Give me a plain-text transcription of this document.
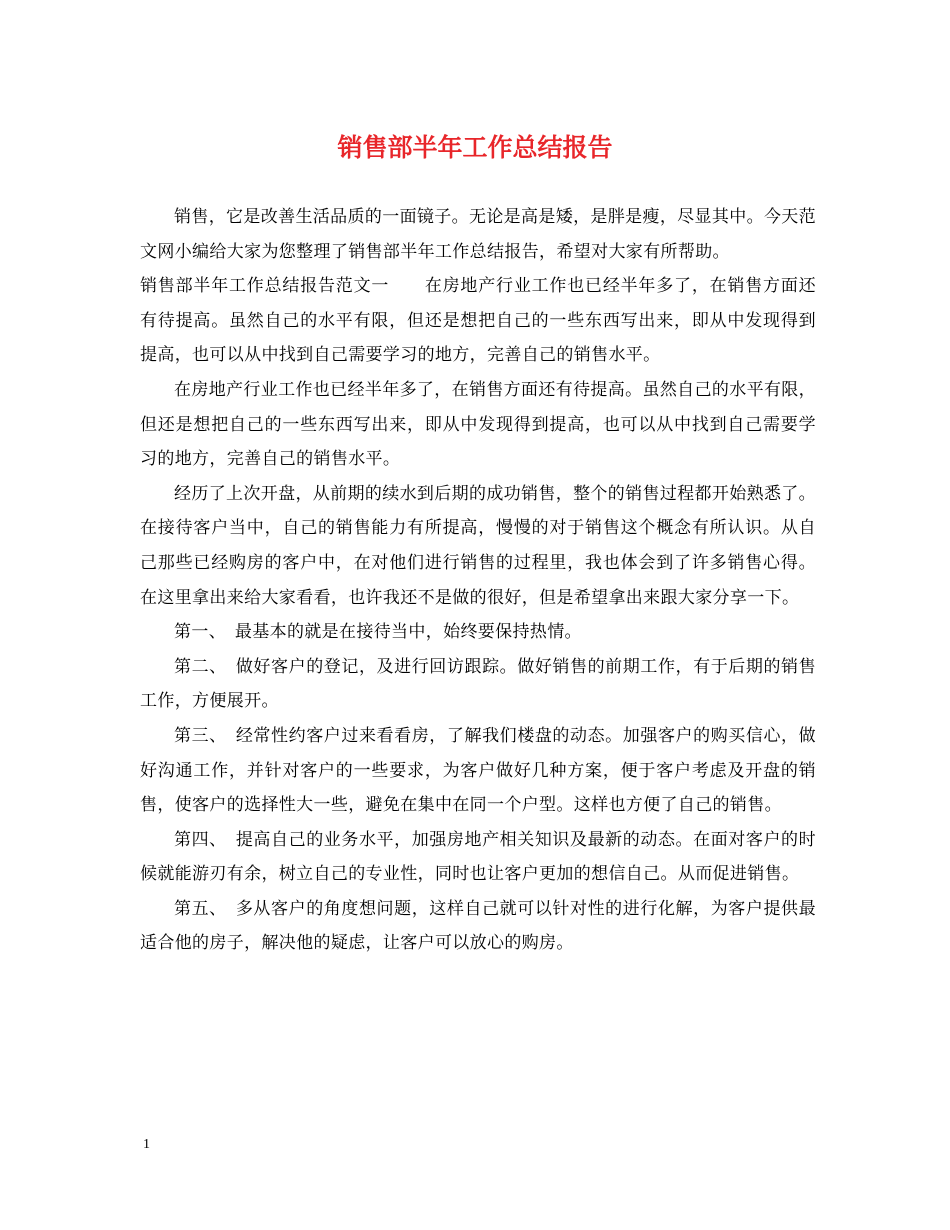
销售部半年工作总结报告

销售，它是改善生活品质的一面镜子。无论是高是矮，是胖是瘦，尽显其中。今天范文网小编给大家为您整理了销售部半年工作总结报告，希望对大家有所帮助。

销售部半年工作总结报告范文一　　在房地产行业工作也已经半年多了，在销售方面还有待提高。虽然自己的水平有限，但还是想把自己的一些东西写出来，即从中发现得到提高，也可以从中找到自己需要学习的地方，完善自己的销售水平。

在房地产行业工作也已经半年多了，在销售方面还有待提高。虽然自己的水平有限，但还是想把自己的一些东西写出来，即从中发现得到提高，也可以从中找到自己需要学习的地方，完善自己的销售水平。

经历了上次开盘，从前期的续水到后期的成功销售，整个的销售过程都开始熟悉了。在接待客户当中，自己的销售能力有所提高，慢慢的对于销售这个概念有所认识。从自己那些已经购房的客户中，在对他们进行销售的过程里，我也体会到了许多销售心得。在这里拿出来给大家看看，也许我还不是做的很好，但是希望拿出来跟大家分享一下。

第一、　最基本的就是在接待当中，始终要保持热情。

第二、　做好客户的登记，及进行回访跟踪。做好销售的前期工作，有于后期的销售工作，方便展开。

第三、　经常性约客户过来看看房，了解我们楼盘的动态。加强客户的购买信心，做好沟通工作，并针对客户的一些要求，为客户做好几种方案，便于客户考虑及开盘的销售，使客户的选择性大一些，避免在集中在同一个户型。这样也方便了自己的销售。

第四、　提高自己的业务水平，加强房地产相关知识及最新的动态。在面对客户的时候就能游刃有余，树立自己的专业性，同时也让客户更加的想信自己。从而促进销售。

第五、　多从客户的角度想问题，这样自己就可以针对性的进行化解，为客户提供最适合他的房子，解决他的疑虑，让客户可以放心的购房。

1
